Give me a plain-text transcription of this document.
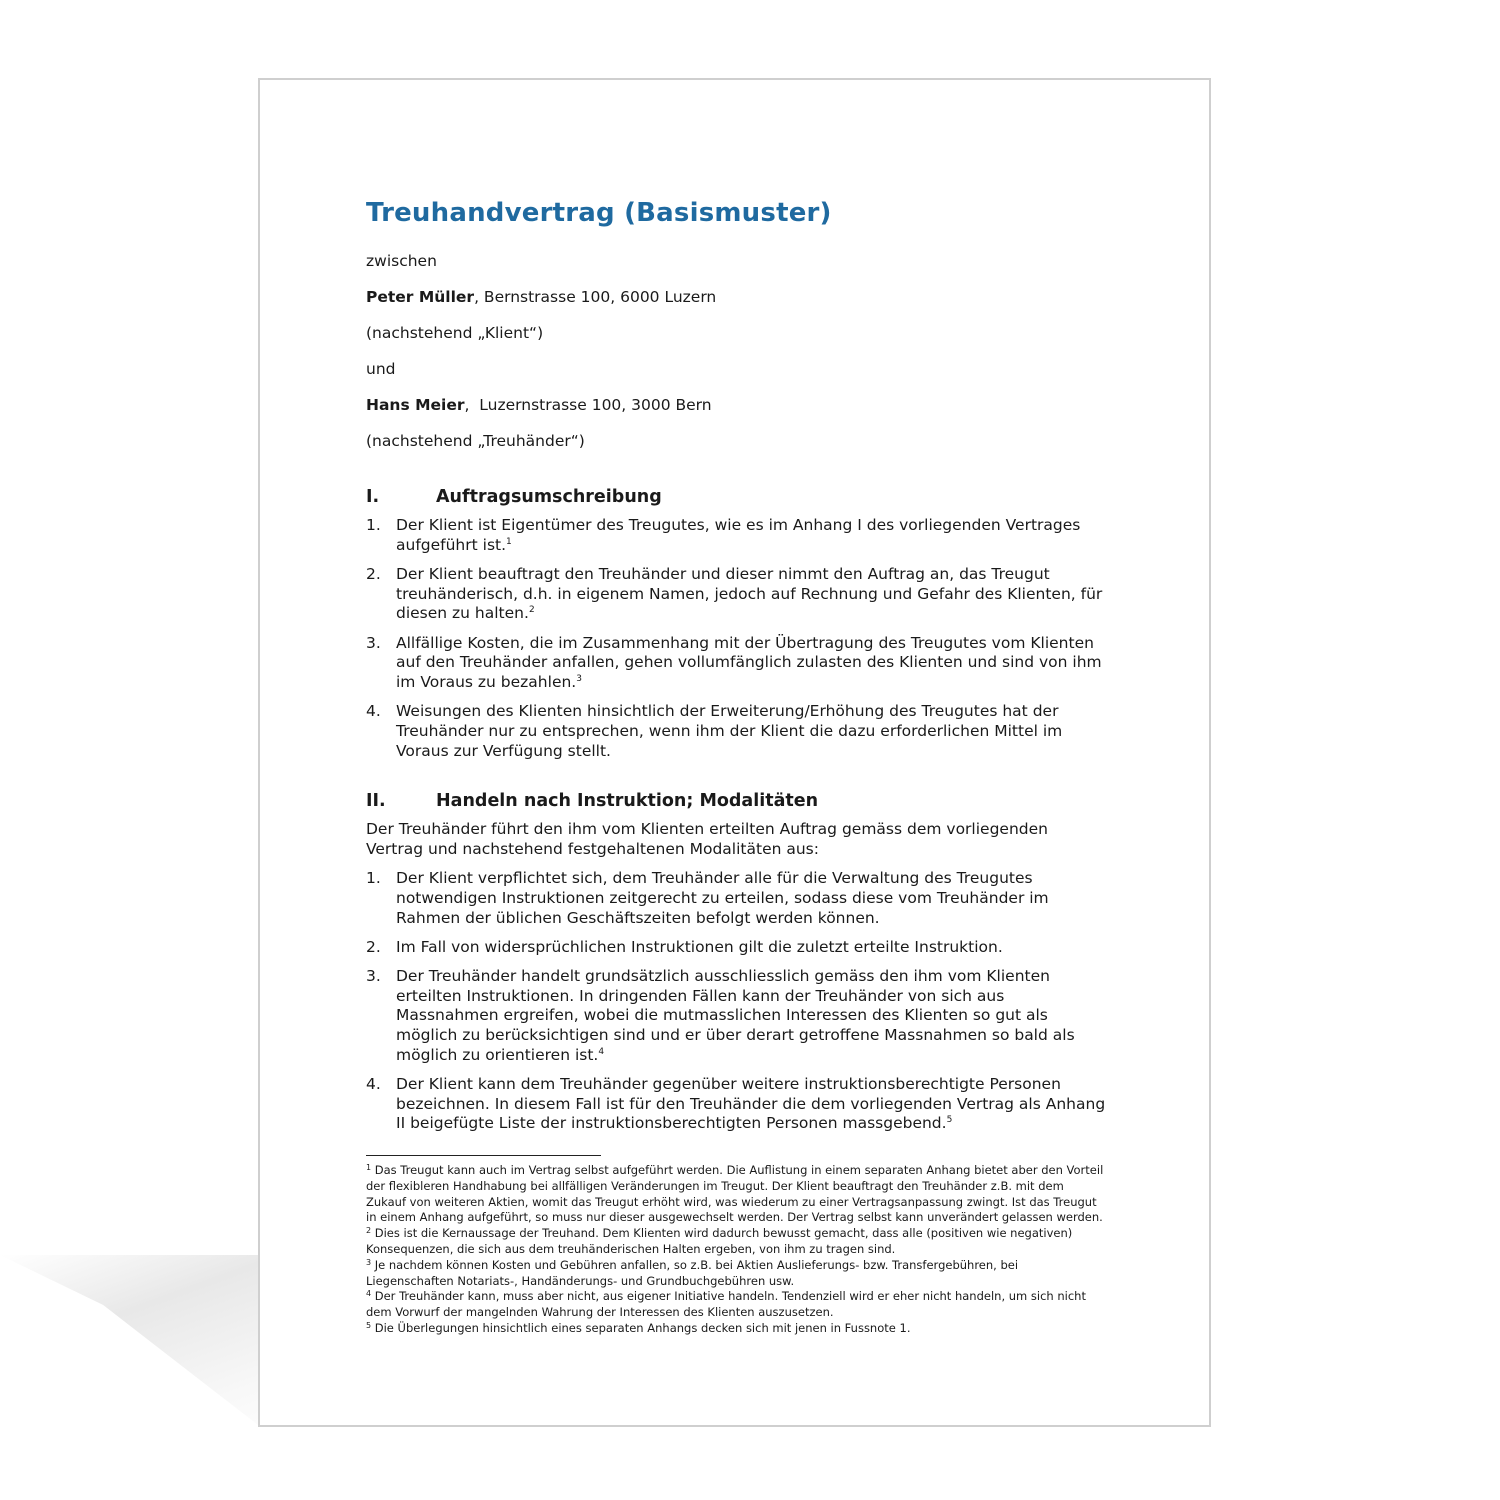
Treuhandvertrag (Basismuster)

zwischen

Peter Müller, Bernstrasse 100, 6000 Luzern

(nachstehend „Klient“)

und

Hans Meier,  Luzernstrasse 100, 3000 Bern

(nachstehend „Treuhänder“)

I.	Auftragsumschreibung
1. Der Klient ist Eigentümer des Treugutes, wie es im Anhang I des vorliegenden Vertrages aufgeführt ist.$^1$
2. Der Klient beauftragt den Treuhänder und dieser nimmt den Auftrag an, das Treugut treuhänderisch, d.h. in eigenem Namen, jedoch auf Rechnung und Gefahr des Klienten, für diesen zu halten.$^2$
3. Allfällige Kosten, die im Zusammenhang mit der Übertragung des Treugutes vom Klienten auf den Treuhänder anfallen, gehen vollumfänglich zulasten des Klienten und sind von ihm im Voraus zu bezahlen.$^3$
4. Weisungen des Klienten hinsichtlich der Erweiterung/Erhöhung des Treugutes hat der Treuhänder nur zu entsprechen, wenn ihm der Klient die dazu erforderlichen Mittel im Voraus zur Verfügung stellt.
II.	Handeln nach Instruktion; Modalitäten

Der Treuhänder führt den ihm vom Klienten erteilten Auftrag gemäss dem vorliegenden Vertrag und nachstehend festgehaltenen Modalitäten aus:

1. Der Klient verpflichtet sich, dem Treuhänder alle für die Verwaltung des Treugutes notwendigen Instruktionen zeitgerecht zu erteilen, sodass diese vom Treuhänder im Rahmen der üblichen Geschäftszeiten befolgt werden können.
2. Im Fall von widersprüchlichen Instruktionen gilt die zuletzt erteilte Instruktion.
3. Der Treuhänder handelt grundsätzlich ausschliesslich gemäss den ihm vom Klienten erteilten Instruktionen. In dringenden Fällen kann der Treuhänder von sich aus Massnahmen ergreifen, wobei die mutmasslichen Interessen des Klienten so gut als möglich zu berücksichtigen sind und er über derart getroffene Massnahmen so bald als möglich zu orientieren ist.$^4$
4. Der Klient kann dem Treuhänder gegenüber weitere instruktionsberechtigte Personen bezeichnen. In diesem Fall ist für den Treuhänder die dem vorliegenden Vertrag als Anhang II beigefügte Liste der instruktionsberechtigten Personen massgebend.$^5$

$^1$ Das Treugut kann auch im Vertrag selbst aufgeführt werden. Die Auflistung in einem separaten Anhang bietet aber den Vorteil der flexibleren Handhabung bei allfälligen Veränderungen im Treugut. Der Klient beauftragt den Treuhänder z.B. mit dem Zukauf von weiteren Aktien, womit das Treugut erhöht wird, was wiederum zu einer Vertragsanpassung zwingt. Ist das Treugut in einem Anhang aufgeführt, so muss nur dieser ausgewechselt werden. Der Vertrag selbst kann unverändert gelassen werden.

$^2$ Dies ist die Kernaussage der Treuhand. Dem Klienten wird dadurch bewusst gemacht, dass alle (positiven wie negativen) Konsequenzen, die sich aus dem treuhänderischen Halten ergeben, von ihm zu tragen sind.

$^3$ Je nachdem können Kosten und Gebühren anfallen, so z.B. bei Aktien Auslieferungs- bzw. Transfergebühren, bei Liegenschaften Notariats-, Handänderungs- und Grundbuchgebühren usw.

$^4$ Der Treuhänder kann, muss aber nicht, aus eigener Initiative handeln. Tendenziell wird er eher nicht handeln, um sich nicht dem Vorwurf der mangelnden Wahrung der Interessen des Klienten auszusetzen.

$^5$ Die Überlegungen hinsichtlich eines separaten Anhangs decken sich mit jenen in Fussnote 1.
